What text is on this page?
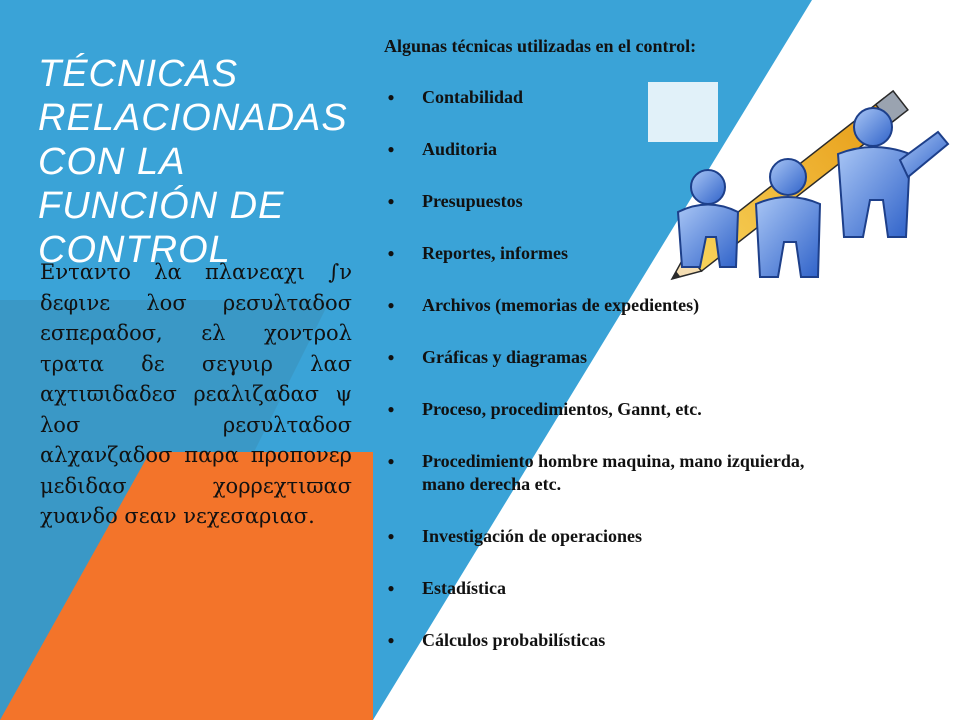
TÉCNICAS RELACIONADAS CON LA FUNCIÓN DE CONTROL

Ενταντο λα πλανεαχι ∫ν δεφινε λοσ ρεσυλταδοσ εσπεραδοσ, ελ χοντρολ τρατα δε σεγυιρ λασ αχτιϖιδαδεσ ρεαλιζαδασ ψ λοσ ρεσυλταδοσ αλχανζαδοσ παρα προπονερ μεδιδασ χορρεχτιϖασ χυανδο σεαν νεχεσαριασ.

Algunas técnicas utilizadas en el control:

● Contabilidad
● Auditoria
● Presupuestos
● Reportes, informes
● Archivos (memorias de expedientes)
● Gráficas y diagramas
● Proceso, procedimientos, Gannt, etc.
● Procedimiento hombre maquina, mano izquierda, mano derecha etc.
● Investigación de operaciones
● Estadística
● Cálculos probabilísticas
